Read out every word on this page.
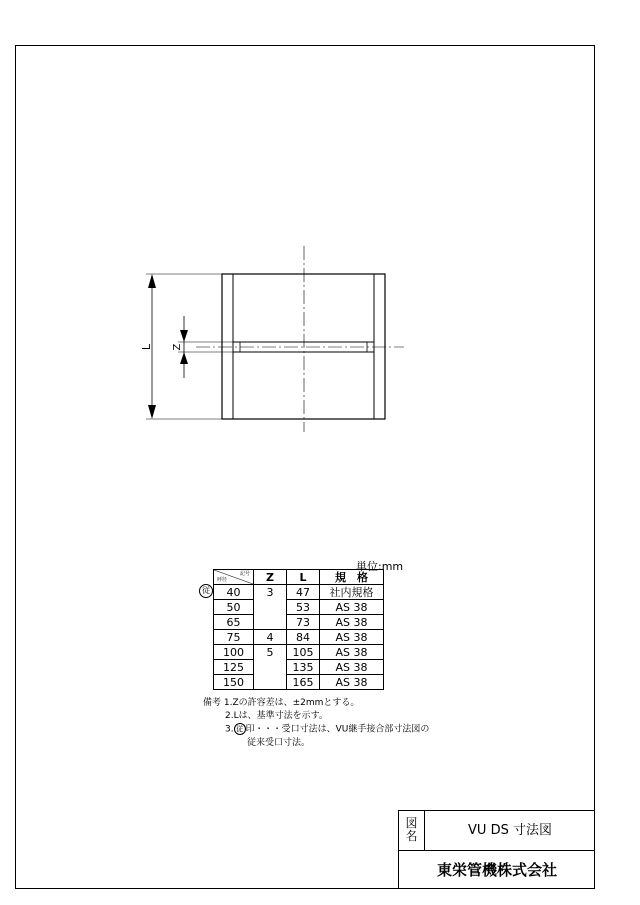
L Z
単位:mm
従
記号
呼径	Z	L	規　格
40	3	47	社内規格
50		53	AS 38
65		73	AS 38
75	4	84	AS 38
100	5	105	AS 38
125		135	AS 38
150		165	AS 38
備考 1.Zの許容差は、±2mmとする。
2.Lは、基準寸法を示す。
3. 従 印・・・受口寸法は、VU継手接合部寸法図の
従来受口寸法。
図
名	VU DS 寸法図
東栄管機株式会社
